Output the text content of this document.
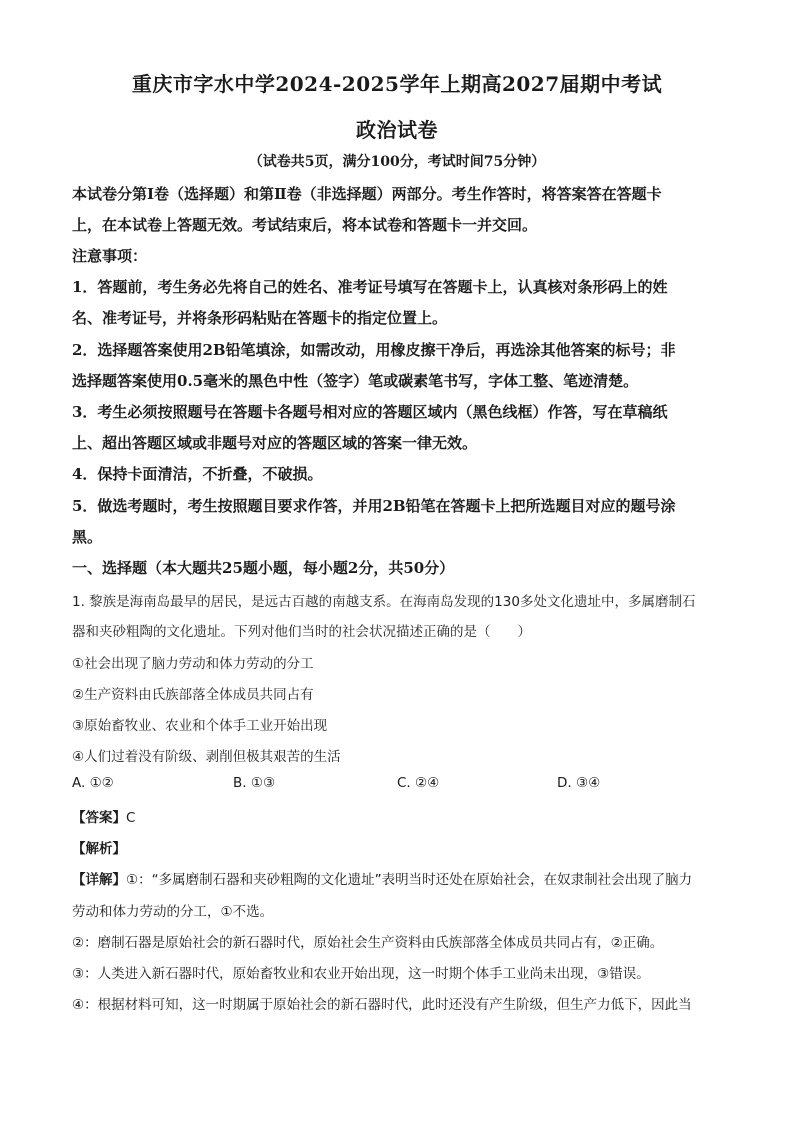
重庆市字水中学2024-2025学年上期高2027届期中考试
政治试卷
（试卷共5页，满分100分，考试时间75分钟）
本试卷分第Ⅰ卷（选择题）和第Ⅱ卷（非选择题）两部分。考生作答时，将答案答在答题卡
上，在本试卷上答题无效。考试结束后，将本试卷和答题卡一并交回。
注意事项：
1．答题前，考生务必先将自己的姓名、准考证号填写在答题卡上，认真核对条形码上的姓
名、准考证号，并将条形码粘贴在答题卡的指定位置上。
2．选择题答案使用2B铅笔填涂，如需改动，用橡皮擦干净后，再选涂其他答案的标号；非
选择题答案使用0.5毫米的黑色中性（签字）笔或碳素笔书写，字体工整、笔迹清楚。
3．考生必须按照题号在答题卡各题号相对应的答题区域内（黑色线框）作答，写在草稿纸
上、超出答题区域或非题号对应的答题区域的答案一律无效。
4．保持卡面清洁，不折叠，不破损。
5．做选考题时，考生按照题目要求作答，并用2B铅笔在答题卡上把所选题目对应的题号涂
黑。
一、选择题（本大题共25题小题，每小题2分，共50分）
1. 黎族是海南岛最早的居民，是远古百越的南越支系。在海南岛发现的130多处文化遗址中，多属磨制石
器和夹砂粗陶的文化遗址。下列对他们当时的社会状况描述正确的是（　　）
①社会出现了脑力劳动和体力劳动的分工
②生产资料由氏族部落全体成员共同占有
③原始畜牧业、农业和个体手工业开始出现
④人们过着没有阶级、剥削但极其艰苦的生活
A. ①②	B. ①③	C. ②④	D. ③④
【答案】C
【解析】
【详解】①：“多属磨制石器和夹砂粗陶的文化遗址”表明当时还处在原始社会，在奴隶制社会出现了脑力
劳动和体力劳动的分工，①不选。
②：磨制石器是原始社会的新石器时代，原始社会生产资料由氏族部落全体成员共同占有，②正确。
③：人类进入新石器时代，原始畜牧业和农业开始出现，这一时期个体手工业尚未出现，③错误。
④：根据材料可知，这一时期属于原始社会的新石器时代，此时还没有产生阶级，但生产力低下，因此当
